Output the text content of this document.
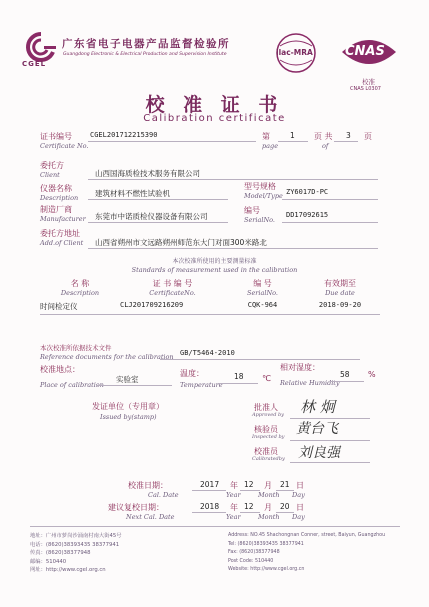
CGEL
广东省电子电器产品监督检验所
Guangdong Electronic & Electrical Production and Supervision Institute	ilac-MRA CNAS
校准
CNAS L0307
校 准 证 书
Calibration certificate
证书编号
Certificate No.
CGEL201712215390	第
page
1 页 共
of
3 页
委托方
Client	山西国海质检技术服务有限公司
仪器名称
Description 建筑材料不燃性试验机
型号规格
Model/Type ZY6017D-PC
制造厂商
Manufacturer 东莞市中诺质检仪器设备有限公司
编号
SerialNo.
DD17092615
委托方地址
Add.of Client 山西省朔州市文远路朔州师范东大门对面300米路北
本次校准所使用的主要测量标准
Standards of measurement used in the calibration
名 称
Description
证 书 编 号
CertificateNo.
编 号
SerialNo.
有效期至
Due date
时间检定仪	CLJ201709216209	CQK-964	2018-09-20
本次校准所依据技术文件
Reference documents for the calibration GB/T5464-2010
校准地点：
Place of calibration
实验室
温度：
Temperature
18 ℃
相对湿度：
Relative Humidity
58 %
发证单位（专用章）
Issued by(stamp)
批准人
Approved by 林 炯
核验员
Inspected by 黄台飞
校准员
Calibratedby 刘良强
校准日期：
Cal. Date
2017 年
Year
12 月
Month
21 日
Day
建议复校日期：
Next Cal. Date
2018 年
Year
12 月
Month
20 日
Day
地址：广州市萝岗沙涌南村南大街45号
电话：(8620)38393435 38377941
传真：(8620)38377948
邮编：510440
网址：http://www.cgel.org.cn
Address: NO.45 Shachongnan Conner, street, Baiyun, Guangzhou
Tel: (8620)38393435 38377941
Fax: (8620)38377948
Post Code: 510440
Website: http://www.cgel.org.cn
